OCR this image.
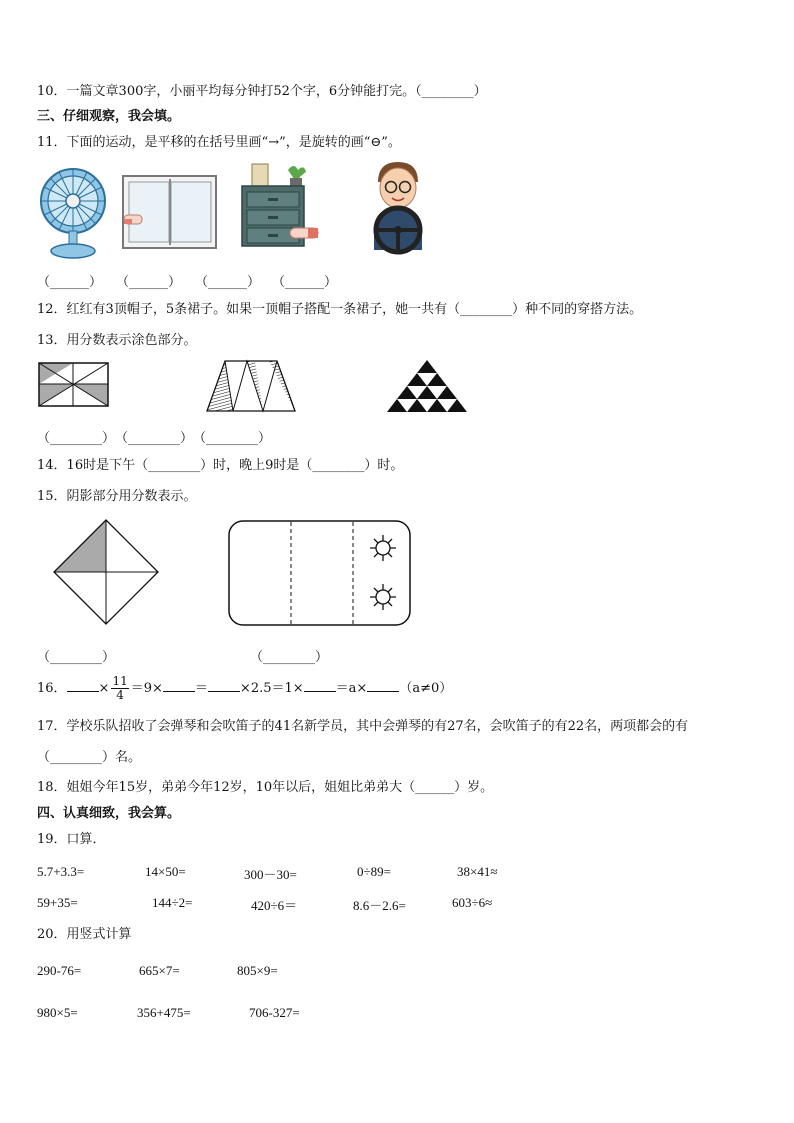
10．一篇文章300字，小丽平均每分钟打52个字，6分钟能打完。（________）
三、仔细观察，我会填。
11．下面的运动，是平移的在括号里画“→”，是旋转的画“⊖”。
（______） （______） （______） （______）
12．红红有3顶帽子，5条裙子。如果一顶帽子搭配一条裙子，她一共有（________）种不同的穿搭方法。
13．用分数表示涂色部分。
（________） （________） （________）
14．16时是下午（________）时，晚上9时是（________）时。
15．阴影部分用分数表示。
（________）	（________）
16． × $\frac{11}{4} =9\times = \times 2.5=1\times =a\times (a\ne 0)$
17．学校乐队招收了会弹琴和会吹笛子的41名新学员，其中会弹琴的有27名，会吹笛子的有22名，两项都会的有
（________）名。
18．姐姐今年15岁，弟弟今年12岁，10年以后，姐姐比弟弟大（______）岁。
四、认真细致，我会算。
19．口算．
5.7+3.3=	14×50=	300－30=	0÷89=	38×41≈
59+35=	144÷2=	420÷6＝	8.6－2.6=	603÷6≈
20．用竖式计算
290-76=	665×7=	805×9=
980×5=	356+475=	706-327=
